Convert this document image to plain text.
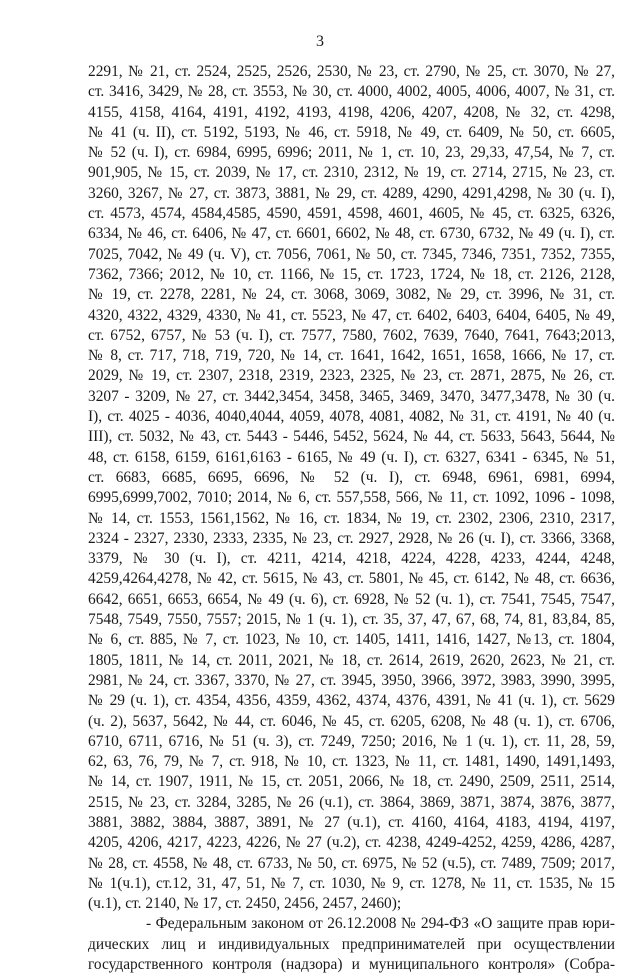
3
2291, № 21, ст. 2524, 2525, 2526, 2530, № 23, ст. 2790, № 25, ст. 3070, № 27,
ст. 3416, 3429, № 28, ст. 3553, № 30, ст. 4000, 4002, 4005, 4006, 4007, № 31, ст.
4155, 4158, 4164, 4191, 4192, 4193, 4198, 4206, 4207, 4208, № 32, ст. 4298,
№ 41 (ч. II), ст. 5192, 5193, № 46, ст. 5918, № 49, ст. 6409, № 50, ст. 6605,
№ 52 (ч. I), ст. 6984, 6995, 6996; 2011, № 1, ст. 10, 23, 29,33, 47,54, № 7, ст.
901,905, № 15, ст. 2039, № 17, ст. 2310, 2312, № 19, ст. 2714, 2715, № 23, ст.
3260, 3267, № 27, ст. 3873, 3881, № 29, ст. 4289, 4290, 4291,4298, № 30 (ч. I),
ст. 4573, 4574, 4584,4585, 4590, 4591, 4598, 4601, 4605, № 45, ст. 6325, 6326,
6334, № 46, ст. 6406, № 47, ст. 6601, 6602, № 48, ст. 6730, 6732, № 49 (ч. I), ст.
7025, 7042, № 49 (ч. V), ст. 7056, 7061, № 50, ст. 7345, 7346, 7351, 7352, 7355,
7362, 7366; 2012, № 10, ст. 1166, № 15, ст. 1723, 1724, № 18, ст. 2126, 2128,
№ 19, ст. 2278, 2281, № 24, ст. 3068, 3069, 3082, № 29, ст. 3996, № 31, ст.
4320, 4322, 4329, 4330, № 41, ст. 5523, № 47, ст. 6402, 6403, 6404, 6405, № 49,
ст. 6752, 6757, № 53 (ч. I), ст. 7577, 7580, 7602, 7639, 7640, 7641, 7643;2013,
№ 8, ст. 717, 718, 719, 720, № 14, ст. 1641, 1642, 1651, 1658, 1666, № 17, ст.
2029, № 19, ст. 2307, 2318, 2319, 2323, 2325, № 23, ст. 2871, 2875, № 26, ст.
3207 - 3209, № 27, ст. 3442,3454, 3458, 3465, 3469, 3470, 3477,3478, № 30 (ч.
I), ст. 4025 - 4036, 4040,4044, 4059, 4078, 4081, 4082, № 31, ст. 4191, № 40 (ч.
III), ст. 5032, № 43, ст. 5443 - 5446, 5452, 5624, № 44, ст. 5633, 5643, 5644, №
48, ст. 6158, 6159, 6161,6163 - 6165, № 49 (ч. I), ст. 6327, 6341 - 6345, № 51,
ст. 6683, 6685, 6695, 6696, № 52 (ч. I), ст. 6948, 6961, 6981, 6994,
6995,6999,7002, 7010; 2014, № 6, ст. 557,558, 566, № 11, ст. 1092, 1096 - 1098,
№ 14, ст. 1553, 1561,1562, № 16, ст. 1834, № 19, ст. 2302, 2306, 2310, 2317,
2324 - 2327, 2330, 2333, 2335, № 23, ст. 2927, 2928, № 26 (ч. I), ст. 3366, 3368,
3379, № 30 (ч. I), ст. 4211, 4214, 4218, 4224, 4228, 4233, 4244, 4248,
4259,4264,4278, № 42, ст. 5615, № 43, ст. 5801, № 45, ст. 6142, № 48, ст. 6636,
6642, 6651, 6653, 6654, № 49 (ч. 6), ст. 6928, № 52 (ч. 1), ст. 7541, 7545, 7547,
7548, 7549, 7550, 7557; 2015, № 1 (ч. 1), ст. 35, 37, 47, 67, 68, 74, 81, 83,84, 85,
№ 6, ст. 885, № 7, ст. 1023, № 10, ст. 1405, 1411, 1416, 1427, №13, ст. 1804,
1805, 1811, № 14, ст. 2011, 2021, № 18, ст. 2614, 2619, 2620, 2623, № 21, ст.
2981, № 24, ст. 3367, 3370, № 27, ст. 3945, 3950, 3966, 3972, 3983, 3990, 3995,
№ 29 (ч. 1), ст. 4354, 4356, 4359, 4362, 4374, 4376, 4391, № 41 (ч. 1), ст. 5629
(ч. 2), 5637, 5642, № 44, ст. 6046, № 45, ст. 6205, 6208, № 48 (ч. 1), ст. 6706,
6710, 6711, 6716, № 51 (ч. 3), ст. 7249, 7250; 2016, № 1 (ч. 1), ст. 11, 28, 59,
62, 63, 76, 79, № 7, ст. 918, № 10, ст. 1323, № 11, ст. 1481, 1490, 1491,1493,
№ 14, ст. 1907, 1911, № 15, ст. 2051, 2066, № 18, ст. 2490, 2509, 2511, 2514,
2515, № 23, ст. 3284, 3285, № 26 (ч.1), ст. 3864, 3869, 3871, 3874, 3876, 3877,
3881, 3882, 3884, 3887, 3891, № 27 (ч.1), ст. 4160, 4164, 4183, 4194, 4197,
4205, 4206, 4217, 4223, 4226, № 27 (ч.2), ст. 4238, 4249-4252, 4259, 4286, 4287,
№ 28, ст. 4558, № 48, ст. 6733, № 50, ст. 6975, № 52 (ч.5), ст. 7489, 7509; 2017,
№ 1(ч.1), ст.12, 31, 47, 51, № 7, ст. 1030, № 9, ст. 1278, № 11, ст. 1535, № 15
(ч.1), ст. 2140, № 17, ст. 2450, 2456, 2457, 2460);
- Федеральным законом от 26.12.2008 № 294-ФЗ «О защите прав юри-
дических лиц и индивидуальных предпринимателей при осуществлении
государственного контроля (надзора) и муниципального контроля» (Собра-
